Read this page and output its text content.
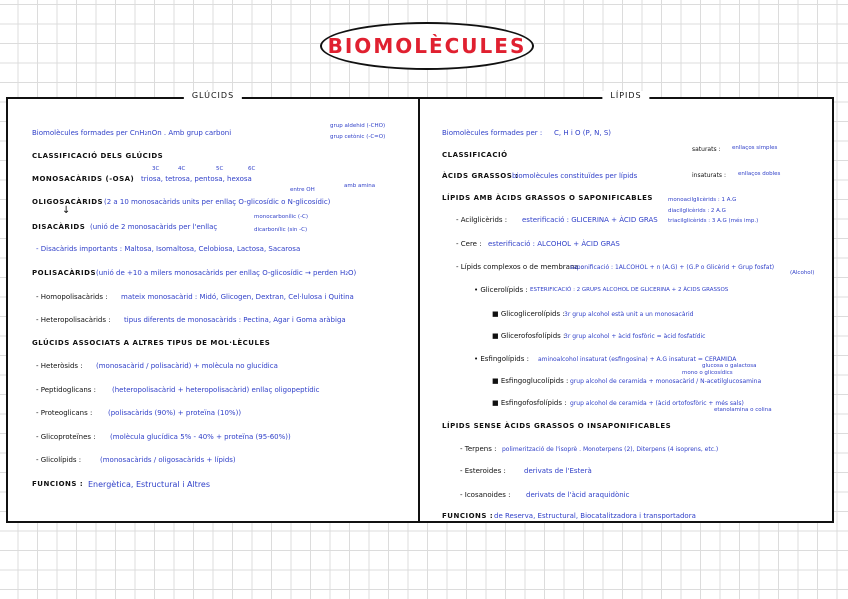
BIOMOLÈCULES
GLÚCIDS
Biomolècules formades per CnH₂nOn . Amb grup carboni
grup aldehid (-CHO)
grup cetònic (-C=O)
CLASSIFICACIÓ DELS GLÚCIDS
MONOSACÀRIDS (-OSA) triosa, tetrosa, pentosa, hexosa
3C	4C	5C	6C
OLIGOSACÀRIDS (2 a 10 monosacàrids units per enllaç O-glicosídic o N-glicosídic)
entre OH
amb amina
↓
DISACÀRIDS (unió de 2 monosacàrids per l'enllaç
monocarbonílic (-C)
dicarbonílic (sin -C)
- Disacàrids importants : Maltosa, Isomaltosa, Celobiosa, Lactosa, Sacarosa
POLISACÀRIDS (unió de +10 a milers monosacàrids per enllaç O-glicosídic → perden H₂O)
- Homopolisacàrids : mateix monosacàrid : Midó, Glicogen, Dextran, Cel·lulosa i Quitina
- Heteropolisacàrids : tipus diferents de monosacàrids : Pectina, Agar i Goma aràbiga
GLÚCIDS ASSOCIATS A ALTRES TIPUS DE MOL·LÈCULES
- Heteròsids : (monosacàrid / polisacàrid) + molècula no glucídica
- Peptidoglicans : (heteropolisacàrid + heteropolisacàrid) enllaç oligopeptídic
- Proteoglicans : (polisacàrids (90%) + proteïna (10%))
- Glicoproteïnes : (molècula glucídica 5% - 40% + proteïna (95-60%))
- Glicolípids :	(monosacàrids / oligosacàrids + lípids)
FUNCIONS : Energètica, Estructural i Altres
LÍPIDS
Biomolècules formades per : C, H i O (P, N, S)
CLASSIFICACIÓ
saturats : enllaços simples
ÀCIDS GRASSOS :
biomolècules constituïdes per lípids	insaturats : enllaços dobles
LÍPIDS AMB ÀCIDS GRASSOS O SAPONIFICABLES
- Acilglicèrids : esterificació : GLICERINA + ÀCID GRAS
monoacilglicèrids : 1 A.G
diacilglicèrids : 2 A.G
triacilglicèrids : 3 A.G (més imp.)
- Cere : esterificació : ALCOHOL + ÀCID GRAS
- Lípids complexos o de membrana :
saponificació : 1ALCOHOL + n (A.G) + (G.P o Glicèrid + Grup fosfat)
(Alcohol)
• Glicerolípids : ESTERIFICACIÓ : 2 GRUPS ALCOHOL DE GLICERINA + 2 ÀCIDS GRASSOS
■ Glicoglicerolípids : 3r grup alcohol està unit a un monosacàrid
■ Glicerofosfolípids :
3r grup alcohol + àcid fosfòric = àcid fosfatídic
• Esfingolípids : aminoalcohol insaturat (esfingosina) + A.G insaturat = CERAMIDA
glucosa o galactosa
mono o glicosídics
■ Esfingoglucolípids : grup alcohol de ceramida + monosacàrid / N-acetilglucosamina
■ Esfingofosfolípids : grup alcohol de ceramida + (àcid ortofosfòric + més sals)
etanolamina o colina
LÍPIDS SENSE ÀCIDS GRASSOS O INSAPONIFICABLES
- Terpens : polimerització de l'isoprè . Monoterpens (2), Diterpens (4 isoprens, etc.)
- Esteroides :	derivats de l'Esterà
- Icosanoides : derivats de l'àcid araquidònic
FUNCIONS : de Reserva, Estructural, Biocatalitzadora i transportadora
